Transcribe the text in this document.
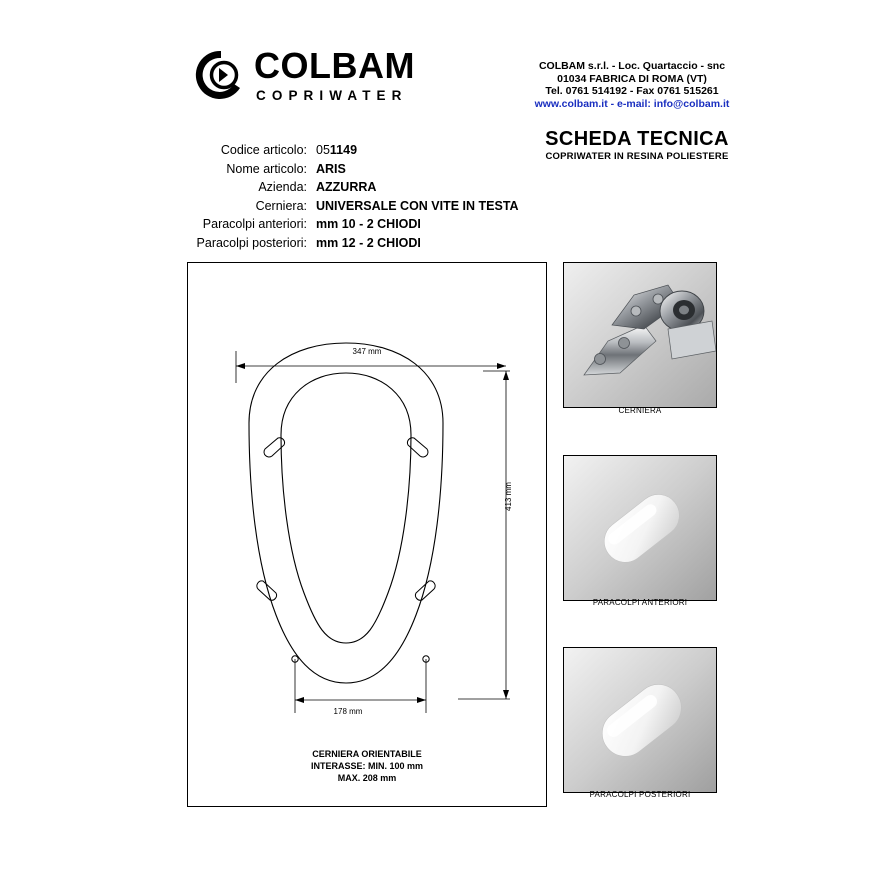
COLBAM
COPRIWATER
COLBAM s.r.l. - Loc. Quartaccio - snc
01034 FABRICA DI ROMA (VT)
Tel. 0761 514192 - Fax 0761 515261
www.colbam.it - e-mail: info@colbam.it
SCHEDA TECNICA
COPRIWATER IN RESINA POLIESTERE
Codice articolo: 051149
Nome articolo: ARIS
Azienda: AZZURRA
Cerniera: UNIVERSALE CON VITE IN TESTA
Paracolpi anteriori: mm 10 - 2 CHIODI
Paracolpi posteriori: mm 12 - 2 CHIODI
347 mm
413 mm
178 mm
CERNIERA ORIENTABILE
INTERASSE: MIN. 100 mm
MAX. 208 mm
CERNIERA
PARACOLPI ANTERIORI
PARACOLPI POSTERIORI
